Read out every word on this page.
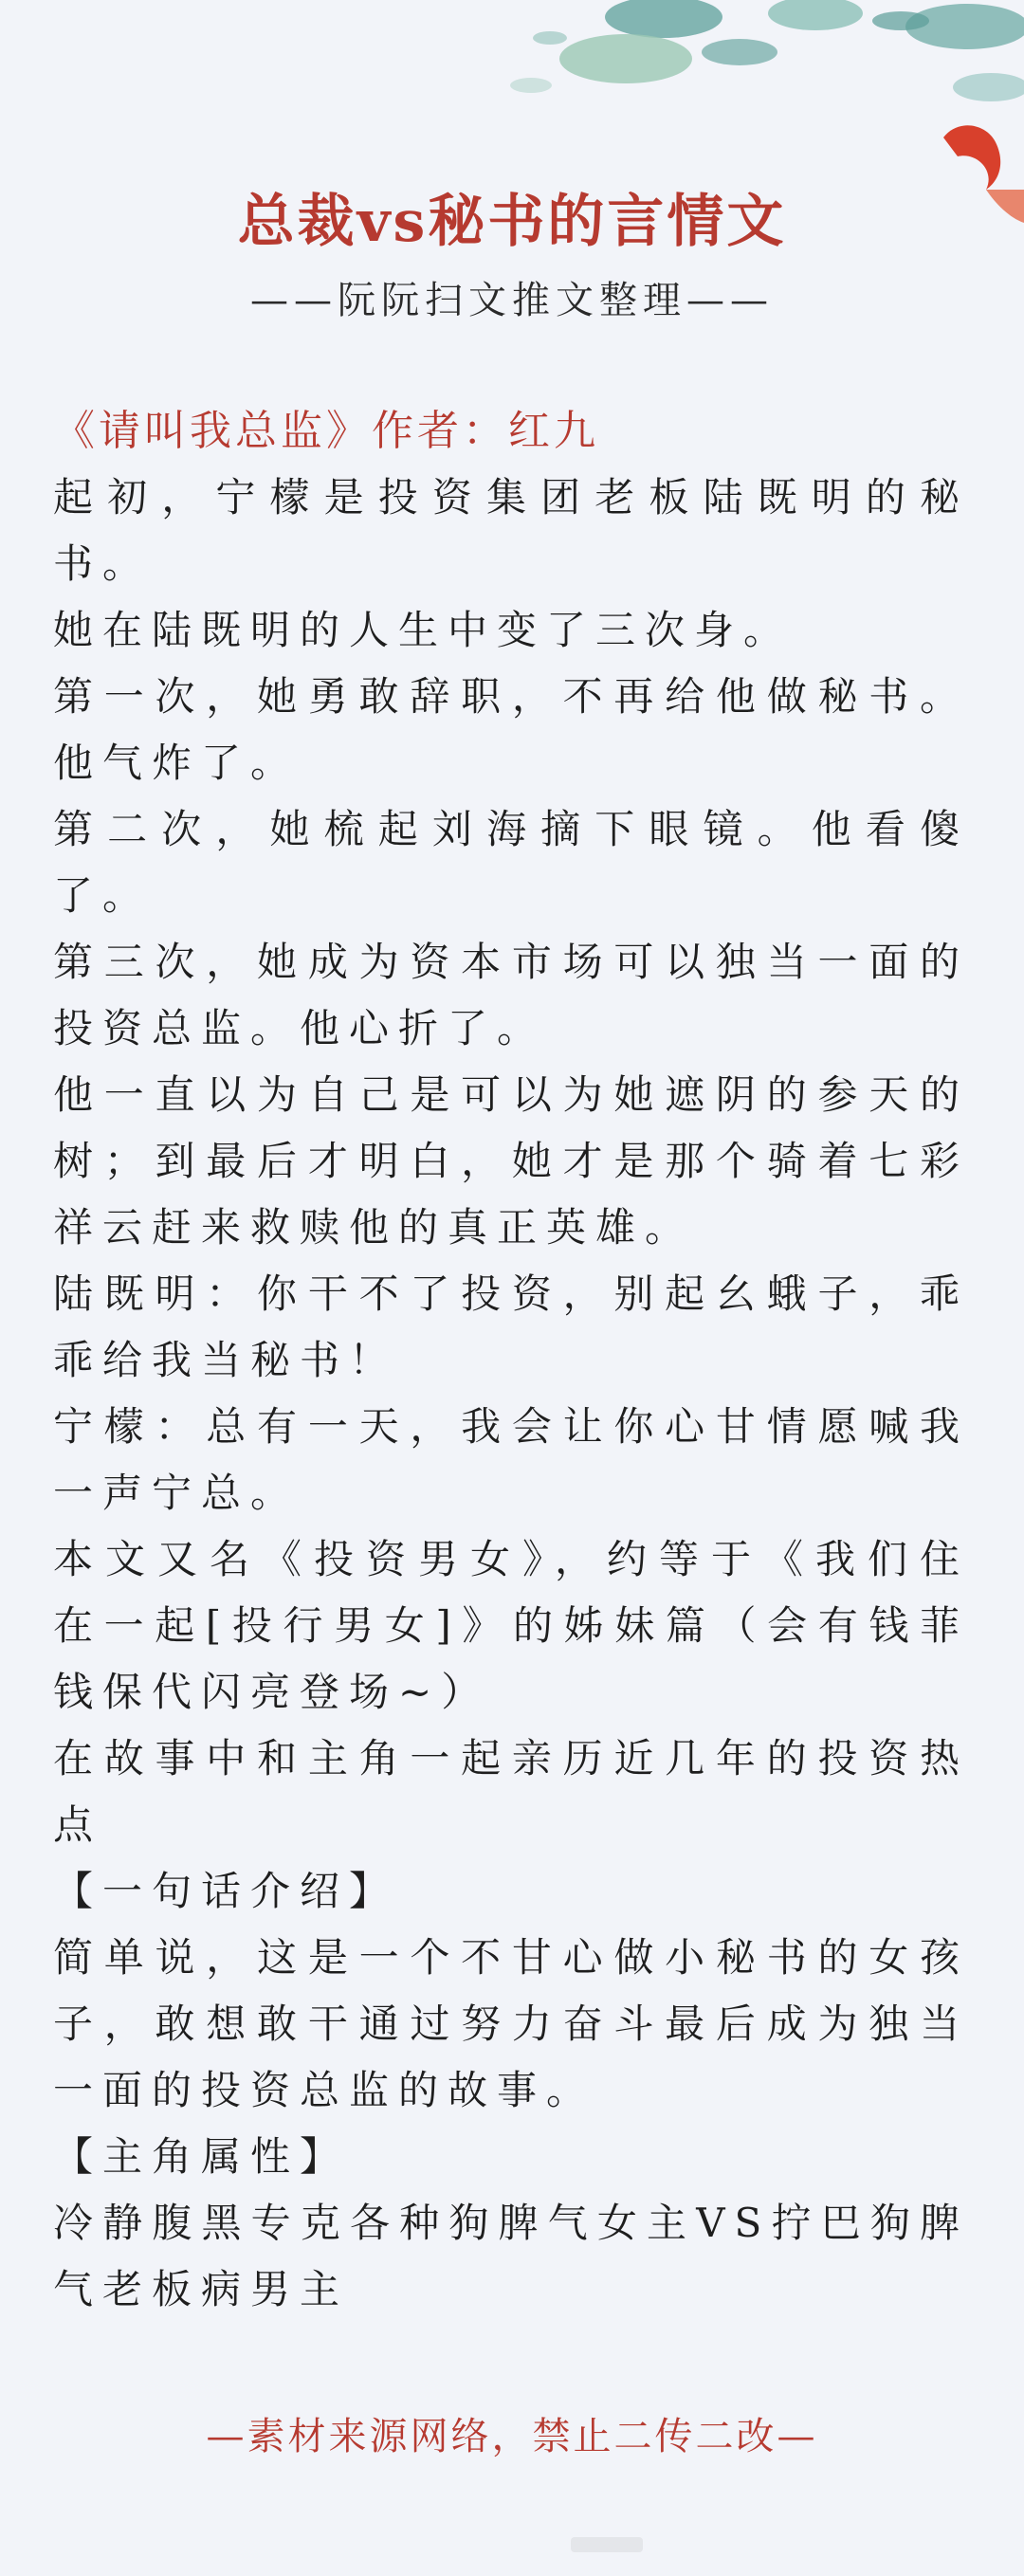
总裁vs秘书的言情文
——阮阮扫文推文整理——
《请叫我总监》作者：红九

起初，宁檬是投资集团老板陆既明的秘书。

她在陆既明的人生中变了三次身。

第一次，她勇敢辞职，不再给他做秘书。他气炸了。

第二次，她梳起刘海摘下眼镜。他看傻了。

第三次，她成为资本市场可以独当一面的投资总监。他心折了。

他一直以为自己是可以为她遮阴的参天的树；到最后才明白，她才是那个骑着七彩祥云赶来救赎他的真正英雄。

陆既明：你干不了投资，别起幺蛾子，乖乖给我当秘书！

宁檬：总有一天，我会让你心甘情愿喊我一声宁总。

本文又名《投资男女》，约等于《我们住在一起[投行男女]》的姊妹篇（会有钱菲钱保代闪亮登场~）

在故事中和主角一起亲历近几年的投资热点

【一句话介绍】

简单说，这是一个不甘心做小秘书的女孩子，敢想敢干通过努力奋斗最后成为独当一面的投资总监的故事。

【主角属性】

冷静腹黑专克各种狗脾气女主VS拧巴狗脾气老板病男主

—素材来源网络，禁止二传二改—
